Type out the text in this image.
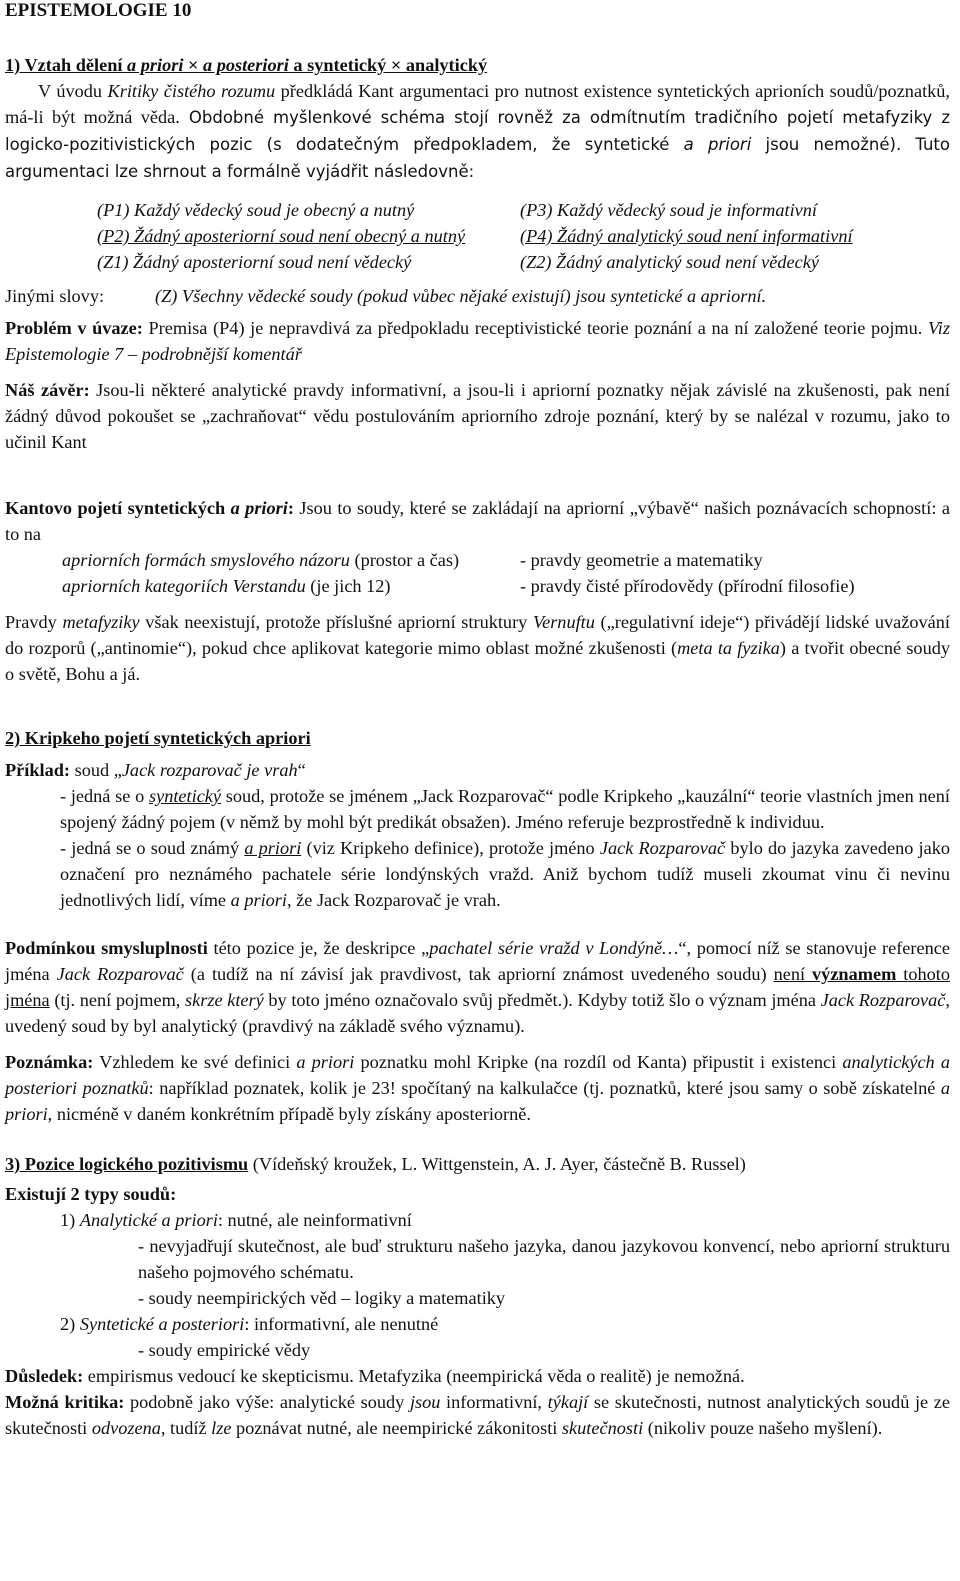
EPISTEMOLOGIE 10

1) Vztah dělení a priori × a posteriori a syntetický × analytický

V úvodu Kritiky čistého rozumu předkládá Kant argumentaci pro nutnost existence syntetických aprioních soudů/poznatků, má-li být možná věda. Obdobné myšlenkové schéma stojí rovněž za odmítnutím tradičního pojetí metafyziky z logicko-pozitivistických pozic (s dodatečným předpokladem, že syntetické a priori jsou nemožné). Tuto argumentaci lze shrnout a formálně vyjádřit následovně:

(P1) Každý vědecký soud je obecný a nutný	(P3) Každý vědecký soud je informativní
(P2) Žádný aposteriorní soud není obecný a nutný	(P4) Žádný analytický soud není informativní
(Z1) Žádný aposteriorní soud není vědecký	(Z2) Žádný analytický soud není vědecký
Jinými slovy:	(Z) Všechny vědecké soudy (pokud vůbec nějaké existují) jsou syntetické a apriorní.

Problém v úvaze: Premisa (P4) je nepravdivá za předpokladu receptivistické teorie poznání a na ní založené teorie pojmu. Viz Epistemologie 7 – podrobnější komentář

Náš závěr: Jsou-li některé analytické pravdy informativní, a jsou-li i apriorní poznatky nějak závislé na zkušenosti, pak není žádný důvod pokoušet se „zachraňovat“ vědu postulováním apriorního zdroje poznání, který by se nalézal v rozumu, jako to učinil Kant

Kantovo pojetí syntetických a priori: Jsou to soudy, které se zakládají na apriorní „výbavě“ našich poznávacích schopností: a to na

apriorních formách smyslového názoru (prostor a čas)	- pravdy geometrie a matematiky
apriorních kategoriích Verstandu (je jich 12)	- pravdy čisté přírodovědy (přírodní filosofie)

Pravdy metafyziky však neexistují, protože příslušné apriorní struktury Vernuftu („regulativní ideje“) přivádějí lidské uvažování do rozporů („antinomie“), pokud chce aplikovat kategorie mimo oblast možné zkušenosti (meta ta fyzika) a tvořit obecné soudy o světě, Bohu a já.

2) Kripkeho pojetí syntetických apriori

Příklad: soud „Jack rozparovač je vrah“

- jedná se o syntetický soud, protože se jménem „Jack Rozparovač“ podle Kripkeho „kauzální“ teorie vlastních jmen není spojený žádný pojem (v němž by mohl být predikát obsažen). Jméno referuje bezprostředně k individuu.

- jedná se o soud známý a priori (viz Kripkeho definice), protože jméno Jack Rozparovač bylo do jazyka zavedeno jako označení pro neznámého pachatele série londýnských vražd. Aniž bychom tudíž museli zkoumat vinu či nevinu jednotlivých lidí, víme a priori, že Jack Rozparovač je vrah.

Podmínkou smysluplnosti této pozice je, že deskripce „pachatel série vražd v Londýně…“, pomocí níž se stanovuje reference jména Jack Rozparovač (a tudíž na ní závisí jak pravdivost, tak apriorní známost uvedeného soudu) není významem tohoto jména (tj. není pojmem, skrze který by toto jméno označovalo svůj předmět.). Kdyby totiž šlo o význam jména Jack Rozparovač, uvedený soud by byl analytický (pravdivý na základě svého významu).

Poznámka: Vzhledem ke své definici a priori poznatku mohl Kripke (na rozdíl od Kanta) připustit i existenci analytických a posteriori poznatků: například poznatek, kolik je 23! spočítaný na kalkulačce (tj. poznatků, které jsou samy o sobě získatelné a priori, nicméně v daném konkrétním případě byly získány aposteriorně.

3) Pozice logického pozitivismu (Vídeňský kroužek, L. Wittgenstein, A. J. Ayer, částečně B. Russel)

Existují 2 typy soudů:

1) Analytické a priori: nutné, ale neinformativní

- nevyjadřují skutečnost, ale buď strukturu našeho jazyka, danou jazykovou konvencí, nebo apriorní strukturu našeho pojmového schématu.

- soudy neempirických věd – logiky a matematiky

2) Syntetické a posteriori: informativní, ale nenutné

- soudy empirické vědy

Důsledek: empirismus vedoucí ke skepticismu. Metafyzika (neempirická věda o realitě) je nemožná.

Možná kritika: podobně jako výše: analytické soudy jsou informativní, týkají se skutečnosti, nutnost analytických soudů je ze skutečnosti odvozena, tudíž lze poznávat nutné, ale neempirické zákonitosti skutečnosti (nikoliv pouze našeho myšlení).
